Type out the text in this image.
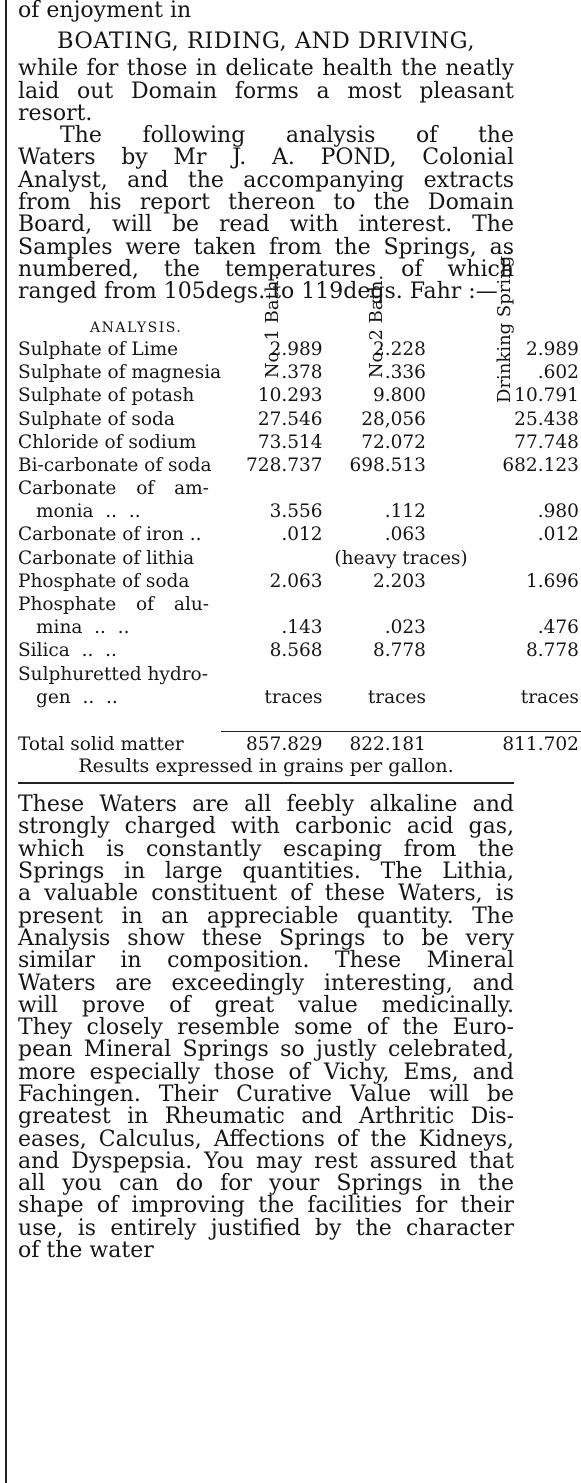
of enjoyment in
BOATING, RIDING, AND DRIVING,
while for those in delicate health the neatly
laid out Domain forms a most pleasant
resort.
The following analysis of the
Waters by Mr J. A. POND, Colonial
Analyst, and the accompanying extracts
from his report thereon to the Domain
Board, will be read with interest. The
Samples were taken from the Springs, as
numbered, the temperatures of which
ranged from 105degs. to 119degs. Fahr :—
ANALYSIS.	No. 1 Bath.	No. 2 Bath.	Drinking Spring.
Sulphate of Lime	2.989	2.228	2.989
Sulphate of magnesia	.378	.336	.602
Sulphate of potash	10.293	9.800	10.791
Sulphate of soda	27.546	28,056	25.438
Chloride of sodium	73.514	72.072	77.748
Bi-carbonate of soda	728.737	698.513	682.123
Carbonate of am-			
monia  ..  ..	3.556	.112	.980
Carbonate of iron ..	.012	.063	.012
Carbonate of lithia	(heavy traces)		
Phosphate of soda	2.063	2.203	1.696
Phosphate of alu-			
mina  ..  ..	.143	.023	.476
Silica  ..  ..	8.568	8.778	8.778
Sulphuretted hydro-			
gen  ..  ..	traces	traces	traces

Total solid matter	857.829	822.181	811.702

Results expressed in grains per gallon.

These Waters are all feebly alkaline and
strongly charged with carbonic acid gas,
which is constantly escaping from the
Springs in large quantities. The Lithia,
a valuable constituent of these Waters, is
present in an appreciable quantity. The
Analysis show these Springs to be very
similar in composition. These Mineral
Waters are exceedingly interesting, and
will prove of great value medicinally.
They closely resemble some of the Euro-
pean Mineral Springs so justly celebrated,
more especially those of Vichy, Ems, and
Fachingen. Their Curative Value will be
greatest in Rheumatic and Arthritic Dis-
eases, Calculus, Affections of the Kidneys,
and Dyspepsia. You may rest assured that
all you can do for your Springs in the
shape of improving the facilities for their
use, is entirely justified by the character
of the water
